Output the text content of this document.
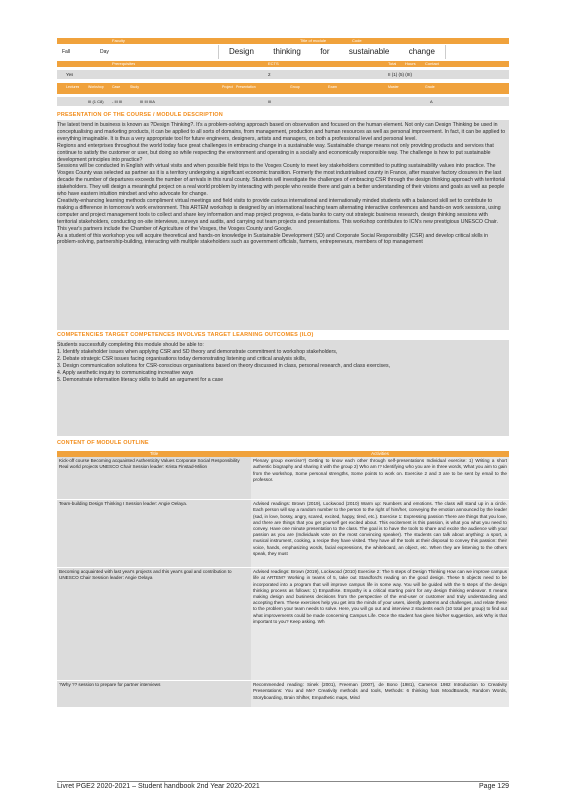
Faculty	Title of module	Code
Fall	Day	Design thinking for sustainable change
Prerequisites	ECTS	Total Hours Contact
Yes	2	II (1) (5) (III)
Lectures Workshop Case	Study	Project Presentation	Group	Exam	Master	Grade
III (1 C8) - III III	III III IIIA	III	A
PRESENTATION OF THE COURSE / MODULE DESCRIPTION

The latest trend in business is known as ?Design Thinking?. It's a problem-solving approach based on observation and focused on the human element. Not only can Design Thinking be used in conceptualising and marketing products, it can be applied to all sorts of domains, from management, production and human resources as well as personal improvement. In fact, it can be applied to everything imaginable. It is thus a very appropriate tool for future engineers, designers, artists and managers, on both a professional level and personal level.

Regions and enterprises throughout the world today face great challenges in embracing change in a sustainable way. Sustainable change means not only providing products and services that continue to satisfy the customer or user, but doing so while respecting the environment and operating in a socially and economically responsible way. The challenge is how to put sustainable development principles into practice?

Sessions will be conducted in English with virtual visits and when possible field trips to the Vosges County to meet key stakeholders committed to putting sustainability values into practice. The Vosges County was selected as partner as it is a territory undergoing a significant economic transition. Formerly the most industrialised county in France, after massive factory closures in the last decade the number of departures exceeds the number of arrivals in this rural county. Students will investigate the challenges of embracing CSR through the design thinking approach with territorial stakeholders. They will design a meaningful project on a real world problem by interacting with people who reside there and gain a better understanding of their visions and goals as well as people who have eastern intuition mindset and who advocate for change.

Creativity-enhancing learning methods compliment virtual meetings and field visits to provide curious international and internationally minded students with a balanced skill set to contribute to making a difference in tomorrow's work environment. This ARTEM workshop is designed by an international teaching team alternating interactive conferences and hands-on work sessions, using computer and project management tools to collect and share key information and map project progress, e-data banks to carry out strategic business research, design thinking sessions with territorial stakeholders, conducting on-site interviews, surveys and audits, and carrying out team projects and presentations. This workshop contributes to ICN's new prestigious UNESCO Chair. This year's partners include the Chamber of Agriculture of the Vosges, the Vosges County and Google.

As a student of this workshop you will acquire theoretical and hands-on knowledge in Sustainable Development (SD) and Corporate Social Responsibility (CSR) and develop critical skills in problem-solving, partnership-building, interacting with multiple stakeholders such as government officials, farmers, entrepreneurs, members of top management

COMPETENCIES TARGET COMPETENCES INVOLVES TARGET LEARNING OUTCOMES (ILO)

Students successfully completing this module should be able to:

1. Identify stakeholder issues when applying CSR and SD theory and demonstrate commitment to workshop stakeholders,

2. Debate strategic CSR issues facing organisations today demonstrating listening and critical analysis skills,

3. Design communication solutions for CSR-conscious organisations based on theory discussed in class, personal research, and class exercises,

4. Apply aesthetic inquiry to communicating increative ways

5. Demonstrate information literacy skills to build an argument for a case

CONTENT OF MODULE OUTLINE
Title	Activities
Kick-off course Becoming acquainted Authenticity Values Corporate Social Responsibility Real world projects UNESCO Chair Session leader: Krista Finstad-Milion	Plenary group exercise?) Getting to know each other through self-presentations Individual exercise: 1) Writing a short authentic biography and sharing it with the group 2) Who am I? Identifying who you are in three words, What you aim to gain from the workshop, Some personal strengths, Some points to work on. Exercise 2 and 3 are to be sent by email to the professor.
Team-building Design Thinking I Session leader: Angie Oelaya.	Advised readings: Brown (2019), Lockwood (2010) Warm up: Numbers and emotions. The class will stand up in a circle. Each person will say a random number to the person to the right of him/her, conveying the emotion announced by the leader (sad, in love, bossy, angry, scared, excited, happy, tired, etc.). Exercise 1: Expressing passion There are things that you love, and there are things that you get yourself get excited about. This excitement is this passion, is what you what you need to convey. Have one minute presentation to the class. The goal is to have the tools to share and excite the audience with your passion as you are (Individuals vote on the most convincing speaker). The students can talk about anything: a sport, a musical instrument, cooking, a recipe they have visited. They have all the tools at their disposal to convey this passion: their voice, hands, emphasizing words, facial expressions, the whiteboard, an object, etc. When they are listening to the others speak, they must
Becoming acquainted with last year's projects and this year's goal and contribution to UNESCO Chair Session leader: Angie Oelaya	Advised readings: Brown (2019), Lockwood (2010) Exercise 2: The 5 steps of Design Thinking How can we improve campus life at ARTEM? Working in teams of 5, take out Standford's reading on the good design. These 5 objects need to be incorporated into a program that will improve campus life in some way. You will be guided with the 5 steps of the design thinking process as follows: 1) Empathise. Empathy is a critical starting point for any design thinking endeavor. It means making design and business decisions from the perspective of the end-user or customer and truly understanding and accepting them. These exercises help you get into the minds of your users, identify patterns and challenges, and relate these to the problem your team needs to solve. Here, you will go out and interview 2 students each (10 total per group) to find out what improvements could be made concerning Campus Life. Once the student has given his/her suggestion, ask Why is that important to you? Keep asking. Wh
?Why ?? session to prepare for partner interviews	Recommended reading: Sinek (2001), Freeman (2007), de Bono (1981), Cameron 1982 Introduction to Creativity Presentations: You and Me? Creativity methods and tools, Methods: 6 thinking hats MoodBoards, Random Words, Storyboarding, Brain Shifter, Empathetic maps, Mind
Livret PGE2 2020-2021 – Student handbook 2nd Year 2020-2021	Page 129
